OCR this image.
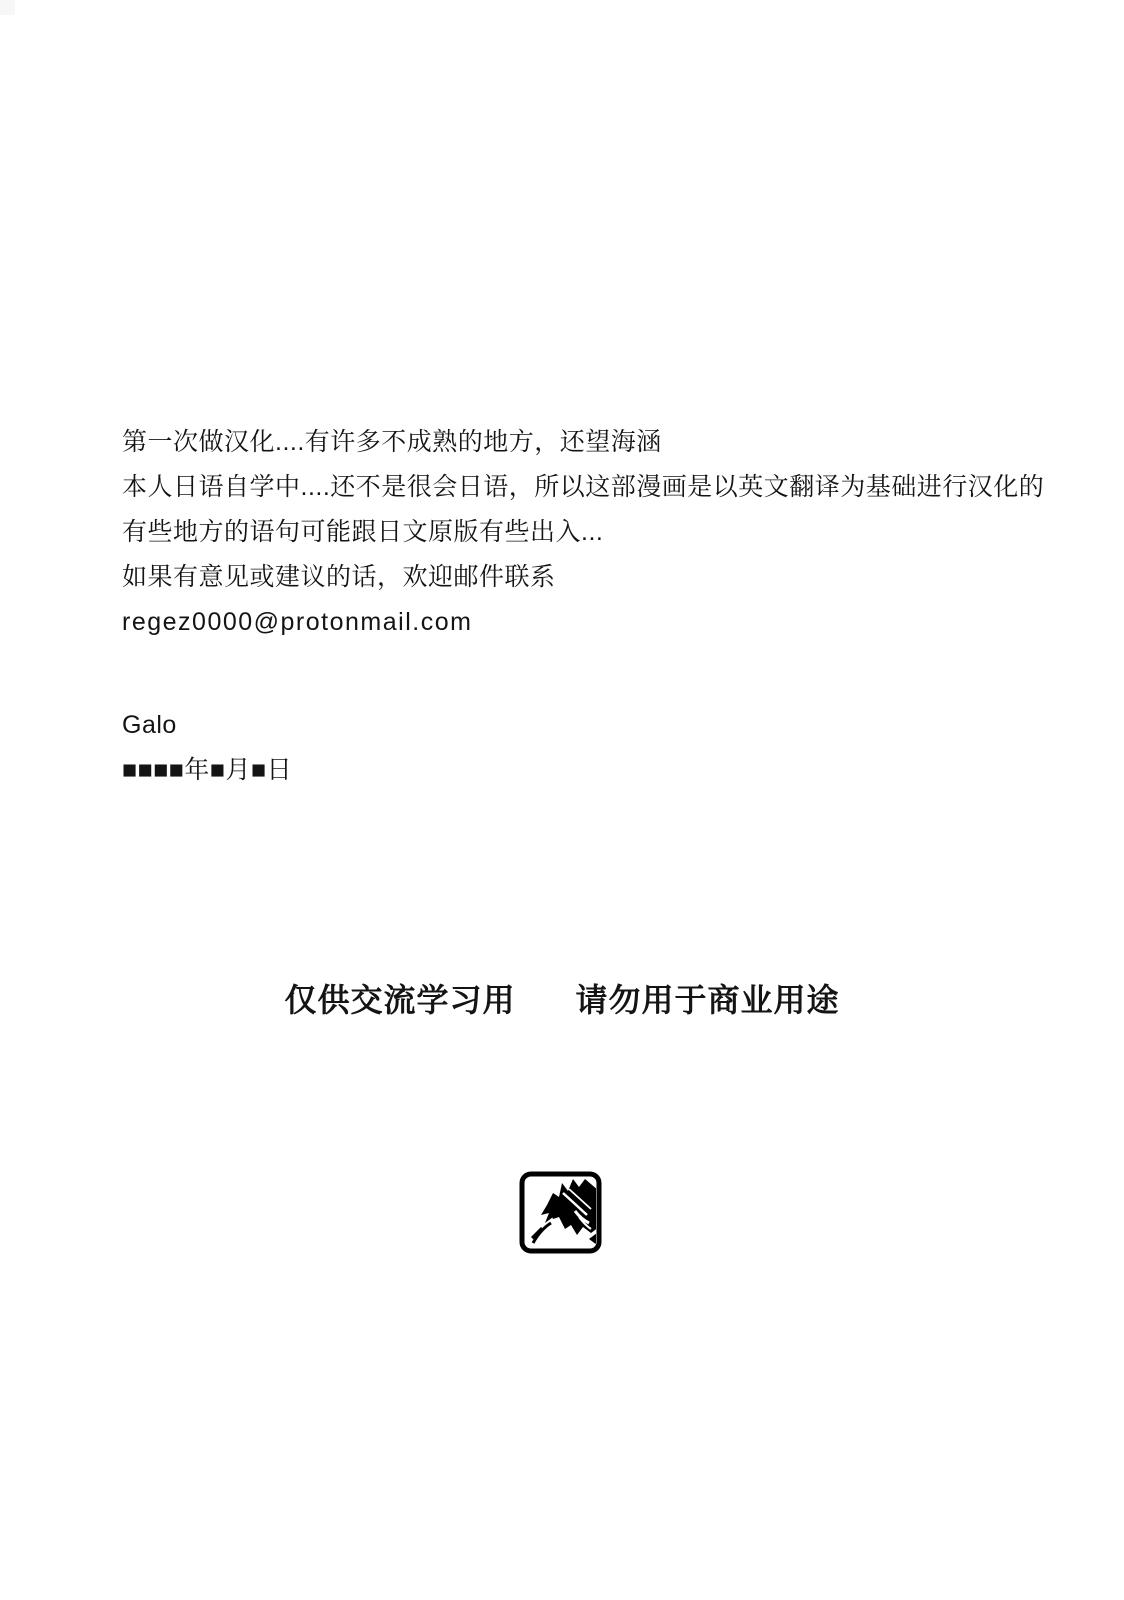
第一次做汉化....有许多不成熟的地方，还望海涵

本人日语自学中....还不是很会日语，所以这部漫画是以英文翻译为基础进行汉化的

有些地方的语句可能跟日文原版有些出入...

如果有意见或建议的话，欢迎邮件联系

regez0000@protonmail.com

Galo

■■■■年■月■日

仅供交流学习用 请勿用于商业用途
